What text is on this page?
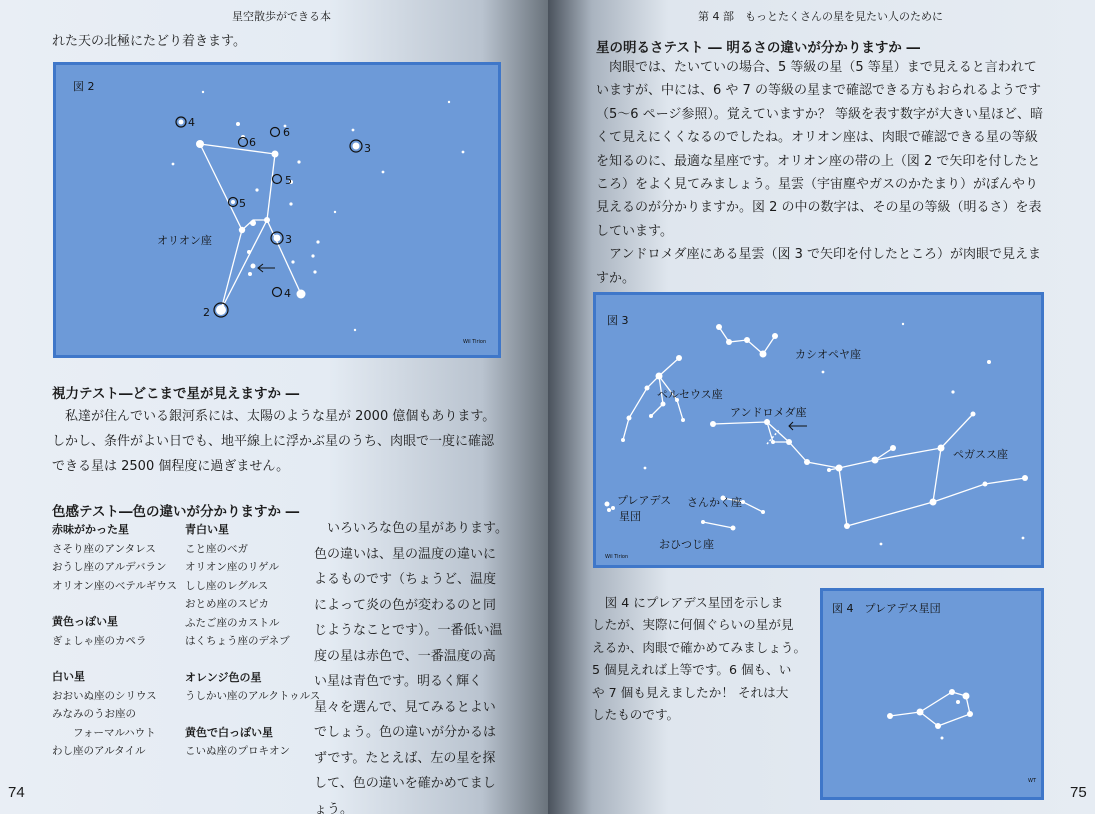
星空散歩ができる本
れた天の北極にたどり着きます。
4
6
6
3
5
5
3
4
2
図 2
オリオン座
Wil Tirion
視力テスト―どこまで星が見えますか ―
　私達が住んでいる銀河系には、太陽のような星が 2000 億個もあります。
しかし、条件がよい日でも、地平線上に浮かぶ星のうち、肉眼で一度に確認
できる星は 2500 個程度に過ぎません。
色感テスト―色の違いが分かりますか ―
赤味がかった星
さそり座のアンタレス
おうし座のアルデバラン
オリオン座のベテルギウス
黄色っぽい星
ぎょしゃ座のカペラ
白い星
おおいぬ座のシリウス
みなみのうお座の
　　フォーマルハウト
わし座のアルタイル
青白い星
こと座のベガ
オリオン座のリゲル
しし座のレグルス
おとめ座のスピカ
ふたご座のカストル
はくちょう座のデネブ
オレンジ色の星
うしかい座のアルクトゥルス
黄色で白っぽい星
こいぬ座のプロキオン
　いろいろな色の星があります。
色の違いは、星の温度の違いに
よるものです（ちょうど、温度
によって炎の色が変わるのと同
じようなことです）。一番低い温
度の星は赤色で、一番温度の高
い星は青色です。明るく輝く
星々を選んで、見てみるとよい
でしょう。色の違いが分かるは
ずです。たとえば、左の星を探
して、色の違いを確かめてまし
ょう。
74
第 4 部　もっとたくさんの星を見たい人のために
星の明るさテスト ― 明るさの違いが分かりますか ―
　肉眼では、たいていの場合、5 等級の星（5 等星）まで見えると言われて
いますが、中には、6 や 7 の等級の星まで確認できる方もおられるようです
（5〜6 ページ参照）。覚えていますか？ 等級を表す数字が大きい星ほど、暗
くて見えにくくなるのでしたね。オリオン座は、肉眼で確認できる星の等級
を知るのに、最適な星座です。オリオン座の帯の上（図 2 で矢印を付したと
ころ）をよく見てみましょう。星雲（宇宙塵やガスのかたまり）がぼんやり
見えるのが分かりますか。図 2 の中の数字は、その星の等級（明るさ）を表
しています。
　アンドロメダ座にある星雲（図 3 で矢印を付したところ）が肉眼で見えま
すか。
図 3
カシオペヤ座
ペルセウス座
アンドロメダ座
ペガスス座
プレアデス
星団
さんかく座
おひつじ座
Wil Tirion
　図 4 にプレアデス星団を示しま
したが、実際に何個ぐらいの星が見
えるか、肉眼で確かめてみましょう。
5 個見えれば上等です。6 個も、い
や 7 個も見えましたか！ それは大
したものです。
図 4　プレアデス星団
WT
75
